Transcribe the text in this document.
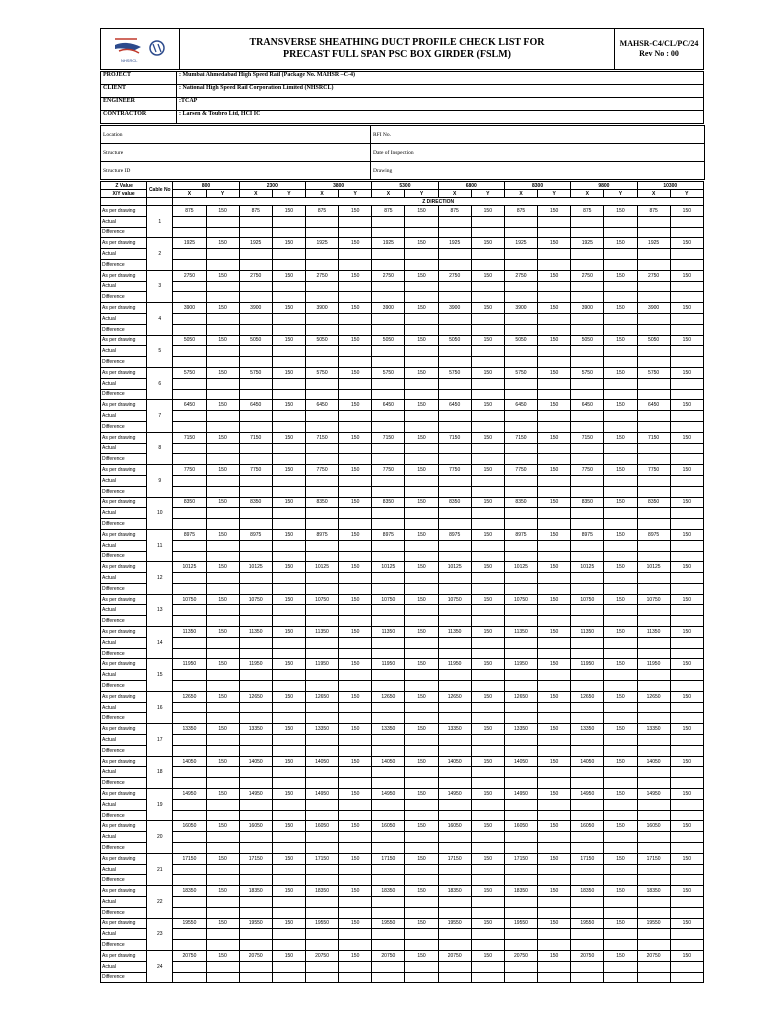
NHSRCL
TRANSVERSE SHEATHING DUCT PROFILE CHECK LIST FOR
PRECAST FULL SPAN PSC BOX GIRDER (FSLM)
MAHSR-C4/CL/PC/24
Rev No : 00
PROJECT	: Mumbai Ahmedabad High Speed Rail (Package No. MAHSR –C-4)
CLIENT	: National High Speed Rail Corporation Limited (NHSRCL)
ENGINEER	:TCAP
CONTRACTOR	: Larsen & Toubro Ltd, HCI IC
Location	RFI No.
Structure	Date of Inspection
Structure ID	Drawing
Z Value	Cable No	800		2300		3800		5300		6800		8300		9800		10300	
X/Y value		X	Y	X	Y	X	Y	X	Y	X	Y	X	Y	X	Y	X	Y
		Z DIRECTION															
As per drawing	1	875	150	875	150	875	150	875	150	875	150	875	150	875	150	875	150
Actual																	
Difference																	
As per drawing	2	1925	150	1925	150	1925	150	1925	150	1925	150	1925	150	1925	150	1925	150
Actual																	
Difference																	
As per drawing	3	2750	150	2750	150	2750	150	2750	150	2750	150	2750	150	2750	150	2750	150
Actual																	
Difference																	
As per drawing	4	3900	150	3900	150	3900	150	3900	150	3900	150	3900	150	3900	150	3900	150
Actual																	
Difference																	
As per drawing	5	5050	150	5050	150	5050	150	5050	150	5050	150	5050	150	5050	150	5050	150
Actual																	
Difference																	
As per drawing	6	5750	150	5750	150	5750	150	5750	150	5750	150	5750	150	5750	150	5750	150
Actual																	
Difference																	
As per drawing	7	6450	150	6450	150	6450	150	6450	150	6450	150	6450	150	6450	150	6450	150
Actual																	
Difference																	
As per drawing	8	7150	150	7150	150	7150	150	7150	150	7150	150	7150	150	7150	150	7150	150
Actual																	
Difference																	
As per drawing	9	7750	150	7750	150	7750	150	7750	150	7750	150	7750	150	7750	150	7750	150
Actual																	
Difference																	
As per drawing	10	8350	150	8350	150	8350	150	8350	150	8350	150	8350	150	8350	150	8350	150
Actual																	
Difference																	
As per drawing	11	8975	150	8975	150	8975	150	8975	150	8975	150	8975	150	8975	150	8975	150
Actual																	
Difference																	
As per drawing	12	10125	150	10125	150	10125	150	10125	150	10125	150	10125	150	10125	150	10125	150
Actual																	
Difference																	
As per drawing	13	10750	150	10750	150	10750	150	10750	150	10750	150	10750	150	10750	150	10750	150
Actual																	
Difference																	
As per drawing	14	11350	150	11350	150	11350	150	11350	150	11350	150	11350	150	11350	150	11350	150
Actual																	
Difference																	
As per drawing	15	11950	150	11950	150	11950	150	11950	150	11950	150	11950	150	11950	150	11950	150
Actual																	
Difference																	
As per drawing	16	12650	150	12650	150	12650	150	12650	150	12650	150	12650	150	12650	150	12650	150
Actual																	
Difference																	
As per drawing	17	13350	150	13350	150	13350	150	13350	150	13350	150	13350	150	13350	150	13350	150
Actual																	
Difference																	
As per drawing	18	14050	150	14050	150	14050	150	14050	150	14050	150	14050	150	14050	150	14050	150
Actual																	
Difference																	
As per drawing	19	14950	150	14950	150	14950	150	14950	150	14950	150	14950	150	14950	150	14950	150
Actual																	
Difference																	
As per drawing	20	16050	150	16050	150	16050	150	16050	150	16050	150	16050	150	16050	150	16050	150
Actual																	
Difference																	
As per drawing	21	17150	150	17150	150	17150	150	17150	150	17150	150	17150	150	17150	150	17150	150
Actual																	
Difference																	
As per drawing	22	18350	150	18350	150	18350	150	18350	150	18350	150	18350	150	18350	150	18350	150
Actual																	
Difference																	
As per drawing	23	19550	150	19550	150	19550	150	19550	150	19550	150	19550	150	19550	150	19550	150
Actual																	
Difference																	
As per drawing	24	20750	150	20750	150	20750	150	20750	150	20750	150	20750	150	20750	150	20750	150
Actual																	
Difference																	
